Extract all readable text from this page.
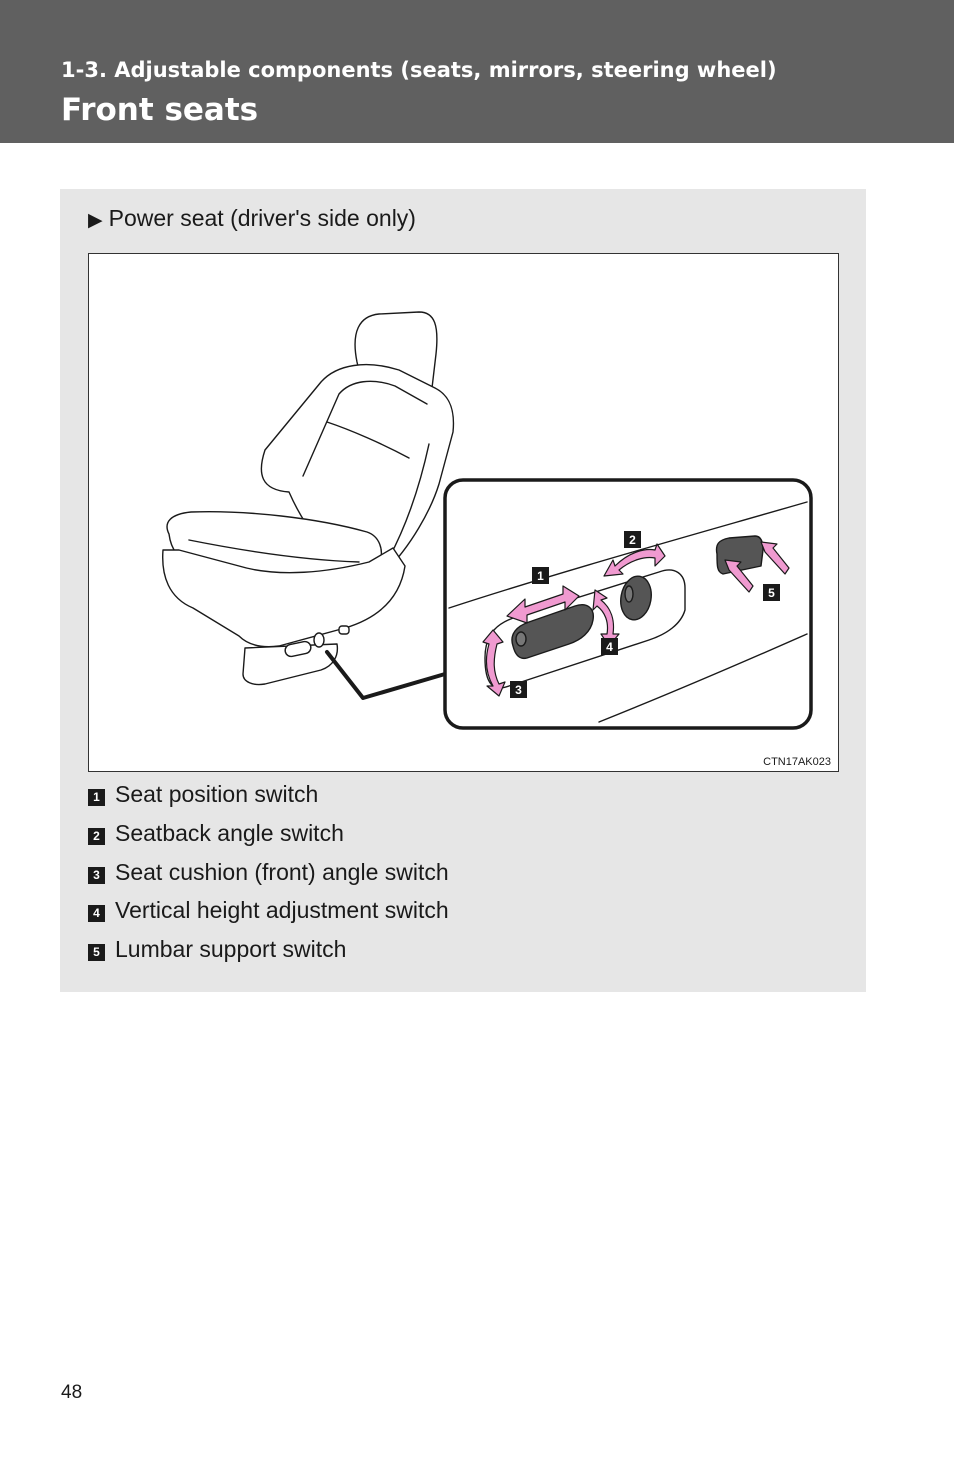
1-3. Adjustable components (seats, mirrors, steering wheel)
Front seats
▶ Power seat (driver's side only)
1
2
3
4
5
CTN17AK023
1 Seat position switch
2 Seatback angle switch
3 Seat cushion (front) angle switch
4 Vertical height adjustment switch
5 Lumbar support switch
48
